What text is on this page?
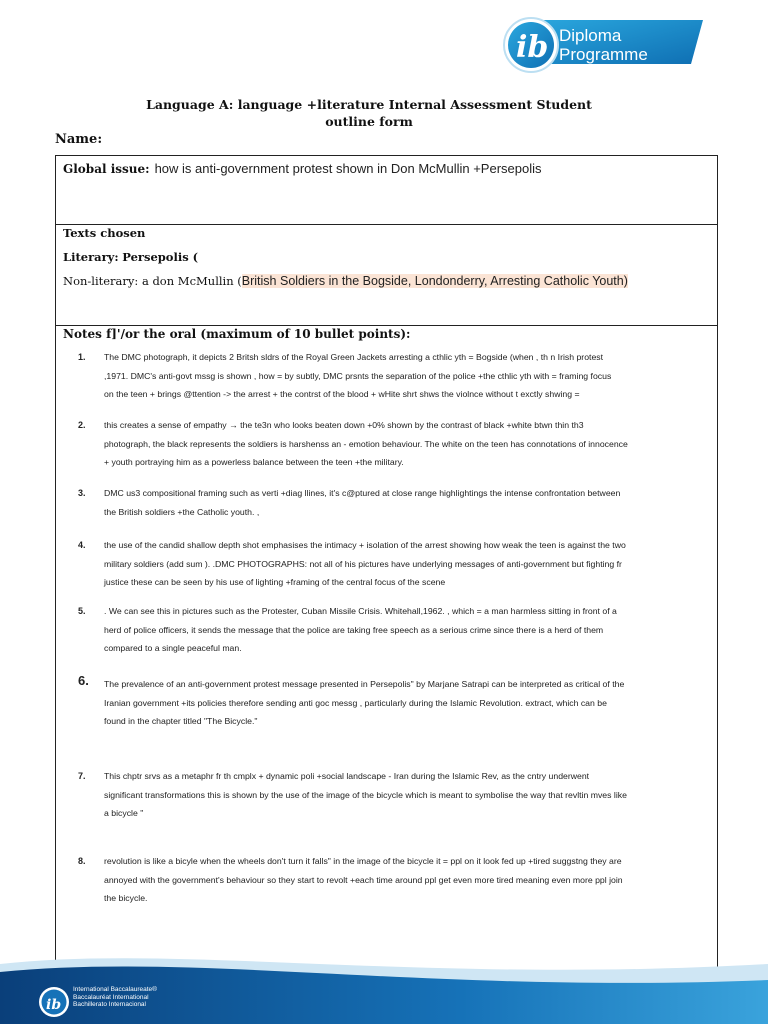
ib Diploma
Programme
Language A: language +literature Internal Assessment Student
outline form
Name:
Global issue: how is anti-government protest shown in Don McMullin +Persepolis
Texts chosen
Literary: Persepolis (
Non-literary: a don McMullin (British Soldiers in the Bogside, Londonderry, Arresting Catholic Youth)
Notes f]'/or the oral (maximum of 10 bullet points):
1. The DMC photograph, it depicts 2 Britsh sldrs of the Royal Green Jackets arresting a cthlic yth = Bogside (when , th n Irish protest
,1971. DMC's anti-govt mssg is shown , how = by subtly, DMC prsnts the separation of the police +the cthlic yth with = framing focus
on the teen + brings @ttention -> the arrest + the contrst of the blood + wHite shrt shws the violnce without t exctly shwing =
2. this creates a sense of empathy → the te3n who looks beaten down +0% shown by the contrast of black +white btwn thin th3
photograph, the black represents the soldiers is harshenss an - emotion behaviour. The white on the teen has connotations of innocence
+ youth portraying him as a powerless balance between the teen +the military.
3. DMC us3 compositional framing such as verti +diag llines, it's c@ptured at close range highlightings the intense confrontation between
the British soldiers +the Catholic youth. ,
4. the use of the candid shallow depth shot emphasises the intimacy + isolation of the arrest showing how weak the teen is against the two
military soldiers (add sum ). .DMC PHOTOGRAPHS: not all of his pictures have underlying messages of anti-government but fighting fr
justice these can be seen by his use of lighting +framing of the central focus of the scene
5. . We can see this in pictures such as the Protester, Cuban Missile Crisis. Whitehall,1962. , which = a man harmless sitting in front of a
herd of police officers, it sends the message that the police are taking free speech as a serious crime since there is a herd of them
compared to a single peaceful man.
6. The prevalence of an anti-government protest message presented in Persepolis" by Marjane Satrapi can be interpreted as critical of the
Iranian government +its policies therefore sending anti goc messg , particularly during the Islamic Revolution. extract, which can be
found in the chapter titled "The Bicycle."
7. This chptr srvs as a metaphr fr th cmplx + dynamic poli +social landscape - Iran during the Islamic Rev, as the cntry underwent
significant transformations this is shown by the use of the image of the bicycle which is meant to symbolise the way that revltin mves like
a bicycle "
8. revolution is like a bicyle when the wheels don't turn it falls" in the image of the bicycle it = ppl on it look fed up +tired suggstng they are
annoyed with the government's behaviour so they start to revolt +each time around ppl get even more tired meaning even more ppl join
the bicycle.
ib
International Baccalaureate®
Baccalauréat International
Bachillerato Internacional
